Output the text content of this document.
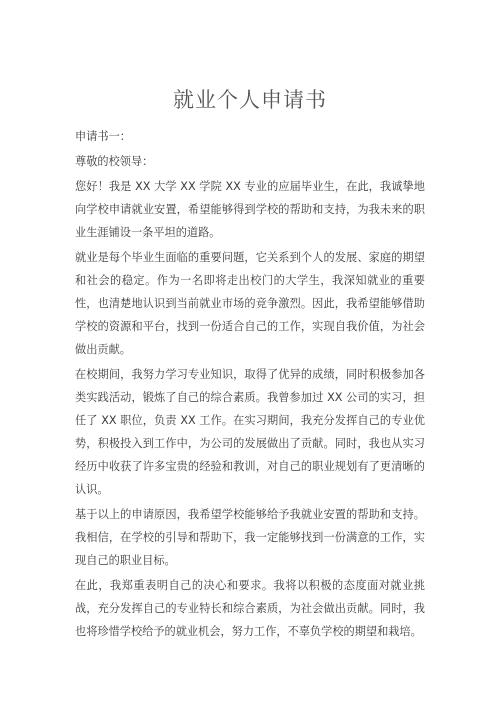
就业个人申请书

申请书一：

尊敬的校领导：

您好！我是 XX 大学 XX 学院 XX 专业的应届毕业生，在此，我诚挚地向学校申请就业安置，希望能够得到学校的帮助和支持，为我未来的职业生涯铺设一条平坦的道路。

就业是每个毕业生面临的重要问题，它关系到个人的发展、家庭的期望和社会的稳定。作为一名即将走出校门的大学生，我深知就业的重要性，也清楚地认识到当前就业市场的竞争激烈。因此，我希望能够借助学校的资源和平台，找到一份适合自己的工作，实现自我价值，为社会做出贡献。

在校期间，我努力学习专业知识，取得了优异的成绩，同时积极参加各类实践活动，锻炼了自己的综合素质。我曾参加过 XX 公司的实习，担任了 XX 职位，负责 XX 工作。在实习期间，我充分发挥自己的专业优势，积极投入到工作中，为公司的发展做出了贡献。同时，我也从实习经历中收获了许多宝贵的经验和教训，对自己的职业规划有了更清晰的认识。

基于以上的申请原因，我希望学校能够给予我就业安置的帮助和支持。我相信，在学校的引导和帮助下，我一定能够找到一份满意的工作，实现自己的职业目标。

在此，我郑重表明自己的决心和要求。我将以积极的态度面对就业挑战，充分发挥自己的专业特长和综合素质，为社会做出贡献。同时，我也将珍惜学校给予的就业机会，努力工作，不辜负学校的期望和栽培。
